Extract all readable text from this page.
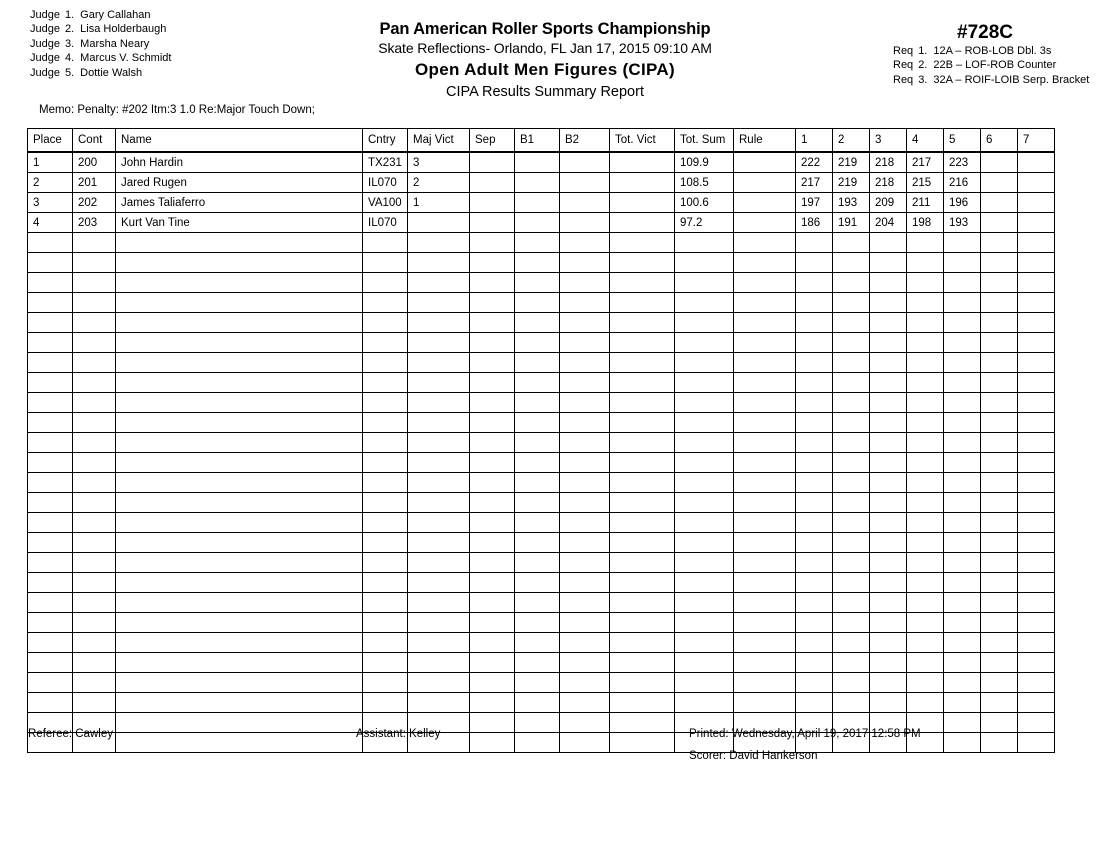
Judge 1. Gary Callahan
Judge 2. Lisa Holderbaugh
Judge 3. Marsha Neary
Judge 4. Marcus V. Schmidt
Judge 5. Dottie Walsh
Pan American Roller Sports Championship
Skate Reflections- Orlando, FL Jan 17, 2015 09:10 AM
Open Adult Men Figures (CIPA)
CIPA Results Summary Report
#728C
Req 1. 12A – ROB-LOB Dbl. 3s
Req 2. 22B – LOF-ROB Counter
Req 3. 32A – ROIF-LOIB Serp. Bracket
Memo: Penalty: #202 Itm:3 1.0 Re:Major Touch Down;
Place	Cont	Name	Cntry	Maj Vict	Sep	B1	B2	Tot. Vict	Tot. Sum	Rule	1	2	3	4	5	6	7
1	200	John Hardin	TX231	3					109.9		222	219	218	217	223		
2	201	Jared Rugen	IL070	2					108.5		217	219	218	215	216		
3	202	James Taliaferro	VA100	1					100.6		197	193	209	211	196		
4	203	Kurt Van Tine	IL070						97.2		186	191	204	198	193		

Referee: Cawley	Assistant: Kelley	Printed: Wednesday, April 19, 2017 12:58 PM
Scorer: David Hankerson
